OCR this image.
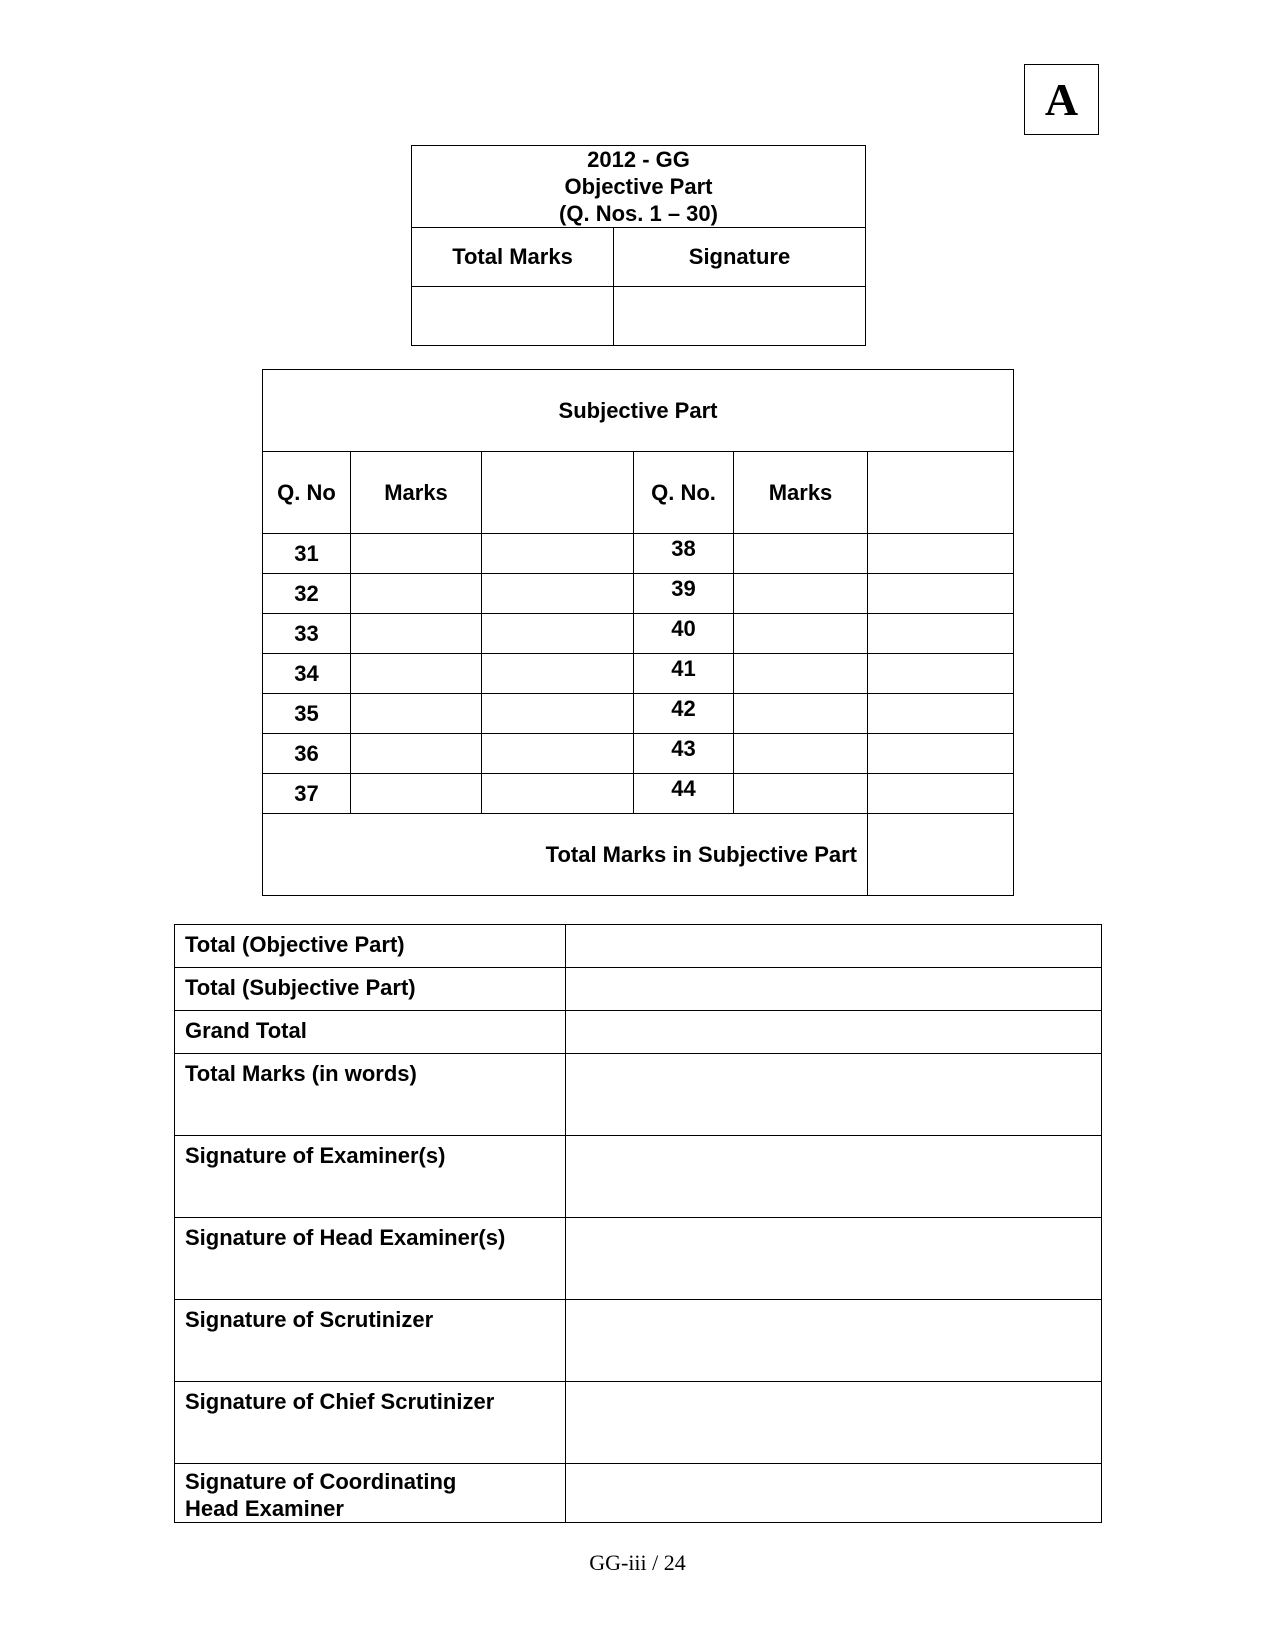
A
2012 - GG
Objective Part
(Q. Nos. 1 – 30)	

Total Marks	Signature

Subjective Part					
Q. No	Marks		Q. No.	Marks	
31			38		
32			39		
33			40		
34			41		
35			42		
36			43		
37			44		
Total Marks in Subjective Part					
Total (Objective Part)	
Total (Subjective Part)	
Grand Total	
Total Marks (in words)	
Signature of Examiner(s)	
Signature of Head Examiner(s)	
Signature of Scrutinizer	
Signature of Chief Scrutinizer	

Signature of Coordinating
Head Examiner	

GG-iii / 24
